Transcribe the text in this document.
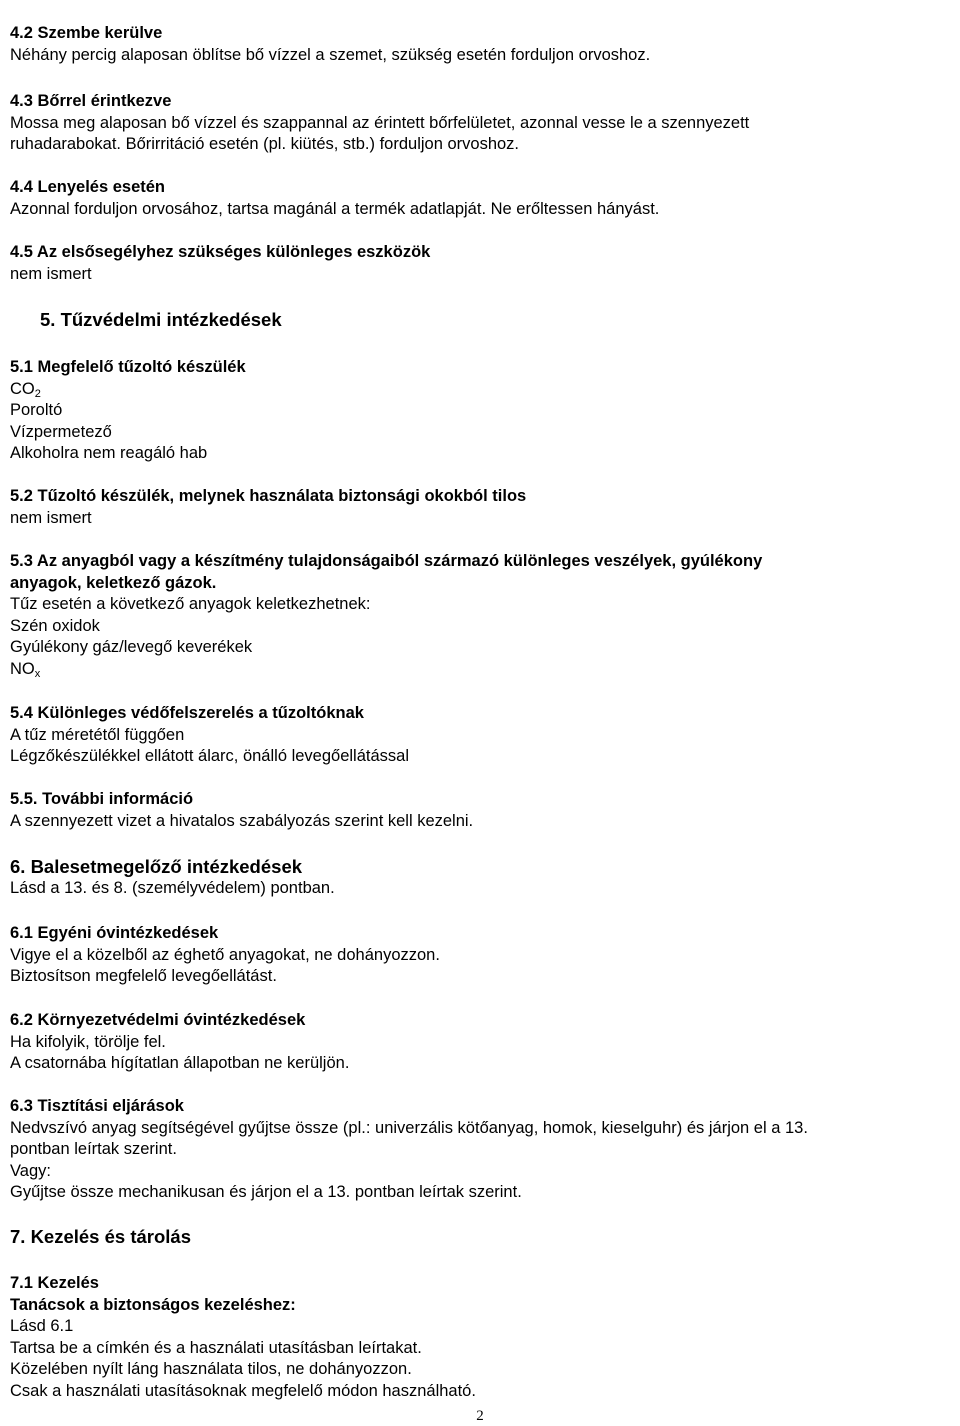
4.2 Szembe kerülve
Néhány percig alaposan öblítse bő vízzel a szemet, szükség esetén forduljon orvoshoz.
4.3 Bőrrel érintkezve
Mossa meg alaposan bő vízzel és szappannal az érintett bőrfelületet, azonnal vesse le a szennyezett
ruhadarabokat. Bőrirritáció esetén (pl. kiütés, stb.) forduljon orvoshoz.
4.4 Lenyelés esetén
Azonnal forduljon orvosához, tartsa magánál a termék adatlapját. Ne erőltessen hányást.
4.5 Az elsősegélyhez szükséges különleges eszközök
nem ismert
5. Tűzvédelmi intézkedések
5.1 Megfelelő tűzoltó készülék
$CO_2$
Poroltó
Vízpermetező
Alkoholra nem reagáló hab
5.2 Tűzoltó készülék, melynek használata biztonsági okokból tilos
nem ismert
5.3 Az anyagból vagy a készítmény tulajdonságaiból származó különleges veszélyek, gyúlékony
anyagok, keletkező gázok.
Tűz esetén a következő anyagok keletkezhetnek:
Szén oxidok
Gyúlékony gáz/levegő keverékek
$NO_x$
5.4 Különleges védőfelszerelés a tűzoltóknak
A tűz méretétől függően
Légzőkészülékkel ellátott álarc, önálló levegőellátással
5.5. További információ
A szennyezett vizet a hivatalos szabályozás szerint kell kezelni.
6. Balesetmegelőző intézkedések
Lásd a 13. és 8. (személyvédelem) pontban.
6.1 Egyéni óvintézkedések
Vigye el a közelből az éghető anyagokat, ne dohányozzon.
Biztosítson megfelelő levegőellátást.
6.2 Környezetvédelmi óvintézkedések
Ha kifolyik, törölje fel.
A csatornába hígítatlan állapotban ne kerüljön.
6.3 Tisztítási eljárások
Nedvszívó anyag segítségével gyűjtse össze (pl.: univerzális kötőanyag, homok, kieselguhr) és járjon el a 13.
pontban leírtak szerint.
Vagy:
Gyűjtse össze mechanikusan és járjon el a 13. pontban leírtak szerint.
7. Kezelés és tárolás
7.1 Kezelés
Tanácsok a biztonságos kezeléshez:
Lásd 6.1
Tartsa be a címkén és a használati utasításban leírtakat.
Közelében nyílt láng használata tilos, ne dohányozzon.
Csak a használati utasításoknak megfelelő módon használható.
2
